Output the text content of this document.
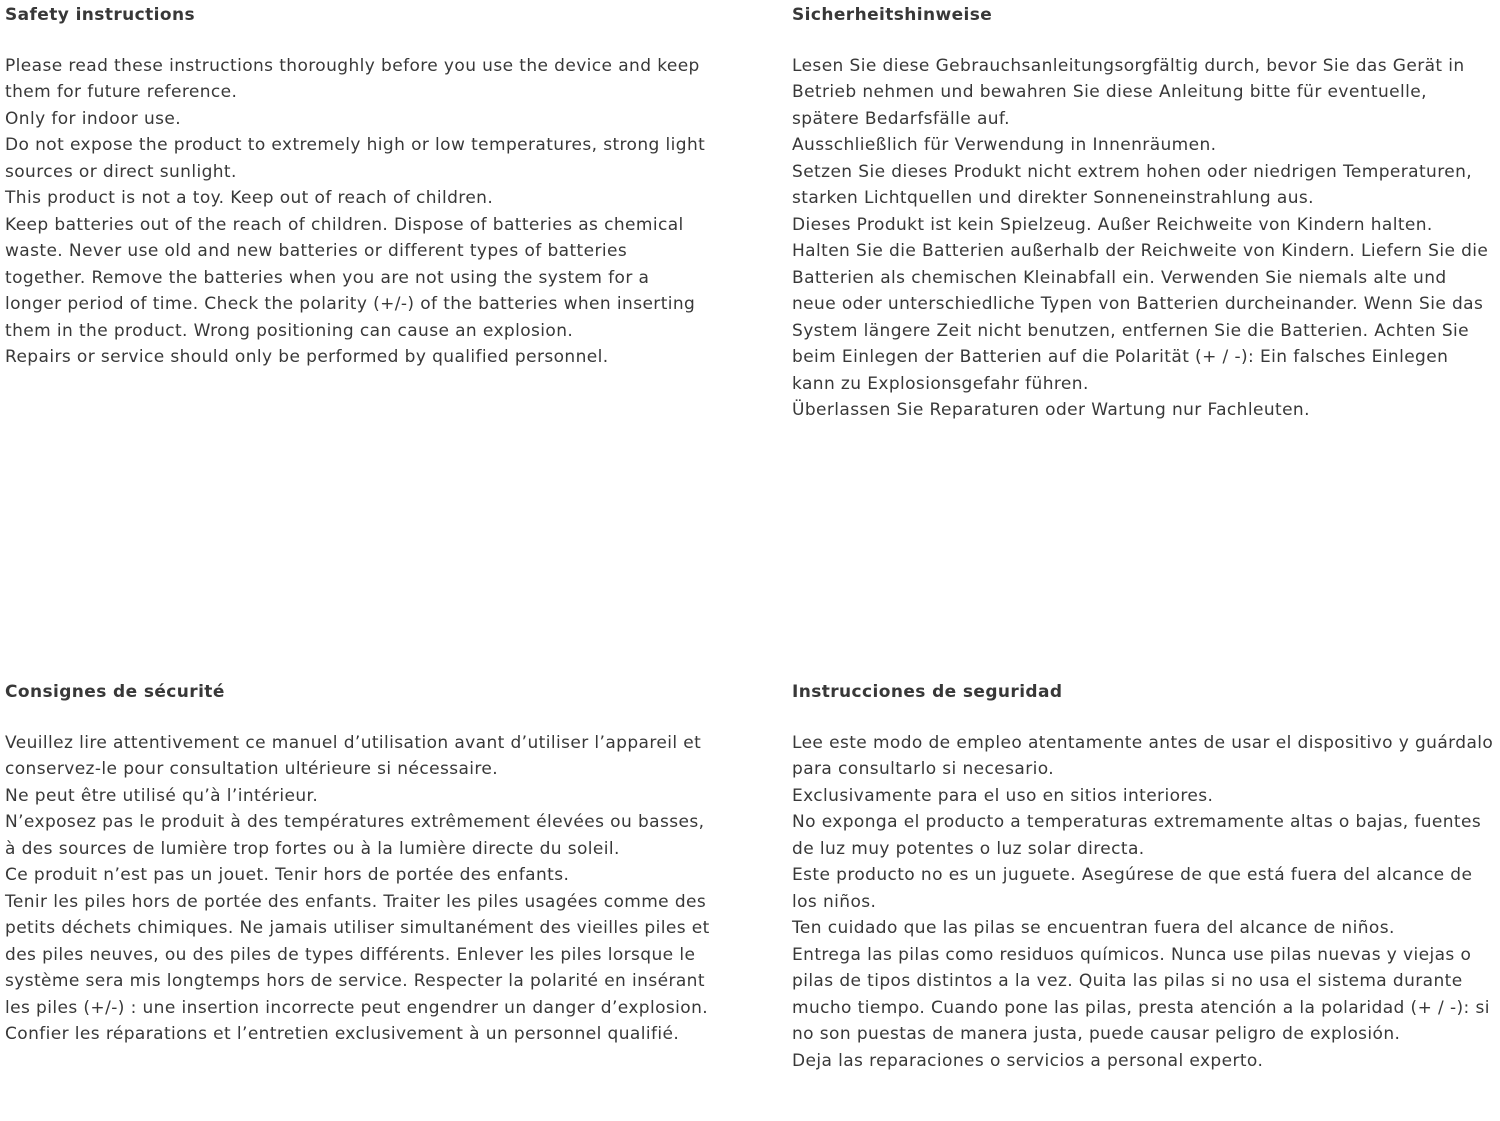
Safety instructions

Please read these instructions thoroughly before you use the device and keep them for future reference.

Only for indoor use.

Do not expose the product to extremely high or low temperatures, strong light sources or direct sunlight.

This product is not a toy. Keep out of reach of children.

Keep batteries out of the reach of children. Dispose of batteries as chemical waste. Never use old and new batteries or different types of batteries together. Remove the batteries when you are not using the system for a longer period of time. Check the polarity (+/-) of the batteries when inserting them in the product. Wrong positioning can cause an explosion.

Repairs or service should only be performed by qualified personnel.

Sicherheitshinweise

Lesen Sie diese Gebrauchsanleitungsorgfältig durch, bevor Sie das Gerät in Betrieb nehmen und bewahren Sie diese Anleitung bitte für eventuelle, spätere Bedarfsfälle auf.

Ausschließlich für Verwendung in Innenräumen.

Setzen Sie dieses Produkt nicht extrem hohen oder niedrigen Temperaturen, starken Lichtquellen und direkter Sonneneinstrahlung aus.

Dieses Produkt ist kein Spielzeug. Außer Reichweite von Kindern halten.

Halten Sie die Batterien außerhalb der Reichweite von Kindern. Liefern Sie die Batterien als chemischen Kleinabfall ein. Verwenden Sie niemals alte und neue oder unterschiedliche Typen von Batterien durcheinander. Wenn Sie das System längere Zeit nicht benutzen, entfernen Sie die Batterien. Achten Sie beim Einlegen der Batterien auf die Polarität (+ / -): Ein falsches Einlegen kann zu Explosionsgefahr führen.

Überlassen Sie Reparaturen oder Wartung nur Fachleuten.

Consignes de sécurité

Veuillez lire attentivement ce manuel d’utilisation avant d’utiliser l’appareil et conservez-le pour consultation ultérieure si nécessaire.

Ne peut être utilisé qu’à l’intérieur.

N’exposez pas le produit à des températures extrêmement élevées ou basses, à des sources de lumière trop fortes ou à la lumière directe du soleil.

Ce produit n’est pas un jouet. Tenir hors de portée des enfants.

Tenir les piles hors de portée des enfants. Traiter les piles usagées comme des petits déchets chimiques. Ne jamais utiliser simultanément des vieilles piles et des piles neuves, ou des piles de types différents. Enlever les piles lorsque le système sera mis longtemps hors de service. Respecter la polarité en insérant les piles (+/-) : une insertion incorrecte peut engendrer un danger d’explosion.

Confier les réparations et l’entretien exclusivement à un personnel qualifié.

Instrucciones de seguridad

Lee este modo de empleo atentamente antes de usar el dispositivo y guárdalo para consultarlo si necesario.

Exclusivamente para el uso en sitios interiores.

No exponga el producto a temperaturas extremamente altas o bajas, fuentes de luz muy potentes o luz solar directa.

Este producto no es un juguete. Asegúrese de que está fuera del alcance de los niños.

Ten cuidado que las pilas se encuentran fuera del alcance de niños.

Entrega las pilas como residuos químicos. Nunca use pilas nuevas y viejas o pilas de tipos distintos a la vez. Quita las pilas si no usa el sistema durante mucho tiempo. Cuando pone las pilas, presta atención a la polaridad (+ / -): si no son puestas de manera justa, puede causar peligro de explosión.

Deja las reparaciones o servicios a personal experto.
